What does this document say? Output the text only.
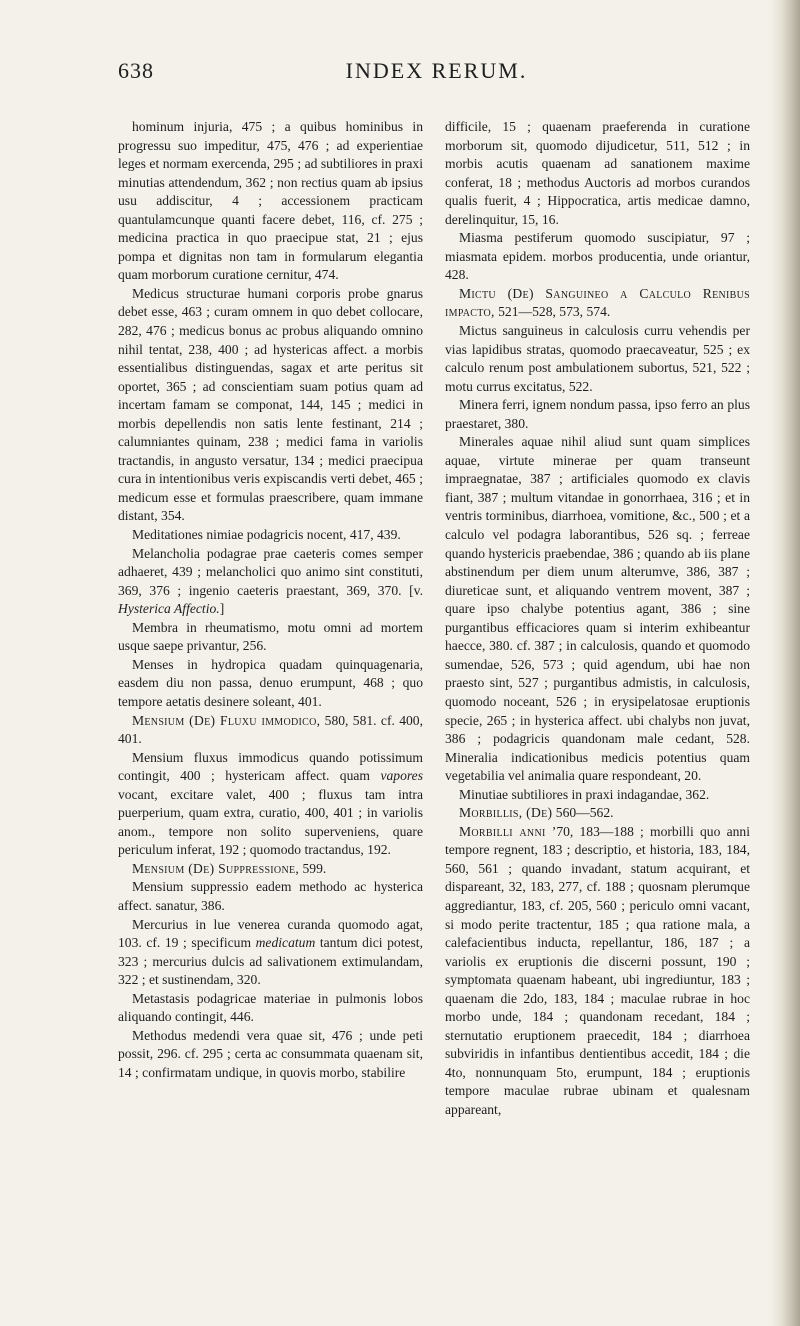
638	INDEX RERUM.

hominum injuria, 475 ; a quibus hominibus in progressu suo impeditur, 475, 476 ; ad experientiae leges et normam exercenda, 295 ; ad subtiliores in praxi minutias attendendum, 362 ; non rectius quam ab ipsius usu addiscitur, 4 ; accessionem practicam quantulamcunque quanti facere debet, 116, cf. 275 ; medicina practica in quo praecipue stat, 21 ; ejus pompa et dignitas non tam in formularum elegantia quam morborum curatione cernitur, 474.

Medicus structurae humani corporis probe gnarus debet esse, 463 ; curam omnem in quo debet collocare, 282, 476 ; medicus bonus ac probus aliquando omnino nihil tentat, 238, 400 ; ad hystericas affect. a morbis essentialibus distinguendas, sagax et arte peritus sit oportet, 365 ; ad conscientiam suam potius quam ad incertam famam se componat, 144, 145 ; medici in morbis depellendis non satis lente festinant, 214 ; calumniantes quinam, 238 ; medici fama in variolis tractandis, in angusto versatur, 134 ; medici praecipua cura in intentionibus veris expiscandis verti debet, 465 ; medicum esse et formulas praescribere, quam immane distant, 354.

Meditationes nimiae podagricis nocent, 417, 439.

Melancholia podagrae prae caeteris comes semper adhaeret, 439 ; melancholici quo animo sint constituti, 369, 376 ; ingenio caeteris praestant, 369, 370. [v. Hysterica Affectio.]

Membra in rheumatismo, motu omni ad mortem usque saepe privantur, 256.

Menses in hydropica quadam quinquagenaria, easdem diu non passa, denuo erumpunt, 468 ; quo tempore aetatis desinere soleant, 401.

Mensium (De) Fluxu immodico, 580, 581. cf. 400, 401.

Mensium fluxus immodicus quando potissimum contingit, 400 ; hystericam affect. quam vapores vocant, excitare valet, 400 ; fluxus tam intra puerperium, quam extra, curatio, 400, 401 ; in variolis anom., tempore non solito superveniens, quare periculum inferat, 192 ; quomodo tractandus, 192.

Mensium (De) Suppressione, 599.

Mensium suppressio eadem methodo ac hysterica affect. sanatur, 386.

Mercurius in lue venerea curanda quomodo agat, 103. cf. 19 ; specificum medicatum tantum dici potest, 323 ; mercurius dulcis ad salivationem extimulandam, 322 ; et sustinendam, 320.

Metastasis podagricae materiae in pulmonis lobos aliquando contingit, 446.

Methodus medendi vera quae sit, 476 ; unde peti possit, 296. cf. 295 ; certa ac consummata quaenam sit, 14 ; confirmatam undique, in quovis morbo, stabilire

difficile, 15 ; quaenam praeferenda in curatione morborum sit, quomodo dijudicetur, 511, 512 ; in morbis acutis quaenam ad sanationem maxime conferat, 18 ; methodus Auctoris ad morbos curandos qualis fuerit, 4 ; Hippocratica, artis medicae damno, derelinquitur, 15, 16.

Miasma pestiferum quomodo suscipiatur, 97 ; miasmata epidem. morbos producentia, unde oriantur, 428.

Mictu (De) Sanguineo a Calculo Renibus impacto, 521—528, 573, 574.

Mictus sanguineus in calculosis curru vehendis per vias lapidibus stratas, quomodo praecaveatur, 525 ; ex calculo renum post ambulationem subortus, 521, 522 ; motu currus excitatus, 522.

Minera ferri, ignem nondum passa, ipso ferro an plus praestaret, 380.

Minerales aquae nihil aliud sunt quam simplices aquae, virtute minerae per quam transeunt impraegnatae, 387 ; artificiales quomodo ex clavis fiant, 387 ; multum vitandae in gonorrhaea, 316 ; et in ventris torminibus, diarrhoea, vomitione, &c., 500 ; et a calculo vel podagra laborantibus, 526 sq. ; ferreae quando hystericis praebendae, 386 ; quando ab iis plane abstinendum per diem unum alterumve, 386, 387 ; diureticae sunt, et aliquando ventrem movent, 387 ; quare ipso chalybe potentius agant, 386 ; sine purgantibus efficaciores quam si interim exhibeantur haecce, 380. cf. 387 ; in calculosis, quando et quomodo sumendae, 526, 573 ; quid agendum, ubi hae non praesto sint, 527 ; purgantibus admistis, in calculosis, quomodo noceant, 526 ; in erysipelatosae eruptionis specie, 265 ; in hysterica affect. ubi chalybs non juvat, 386 ; podagricis quandonam male cedant, 528. Mineralia indicationibus medicis potentius quam vegetabilia vel animalia quare respondeant, 20.

Minutiae subtiliores in praxi indagandae, 362.

Morbillis, (De) 560—562.

Morbilli anni ’70, 183—188 ; morbilli quo anni tempore regnent, 183 ; descriptio, et historia, 183, 184, 560, 561 ; quando invadant, statum acquirant, et dispareant, 32, 183, 277, cf. 188 ; quosnam plerumque aggrediantur, 183, cf. 205, 560 ; periculo omni vacant, si modo perite tractentur, 185 ; qua ratione mala, a calefacientibus inducta, repellantur, 186, 187 ; a variolis ex eruptionis die discerni possunt, 190 ; symptomata quaenam habeant, ubi ingrediuntur, 183 ; quaenam die 2do, 183, 184 ; maculae rubrae in hoc morbo unde, 184 ; quandonam recedant, 184 ; sternutatio eruptionem praecedit, 184 ; diarrhoea subviridis in infantibus dentientibus accedit, 184 ; die 4to, nonnunquam 5to, erumpunt, 184 ; eruptionis tempore maculae rubrae ubinam et qualesnam appareant,
